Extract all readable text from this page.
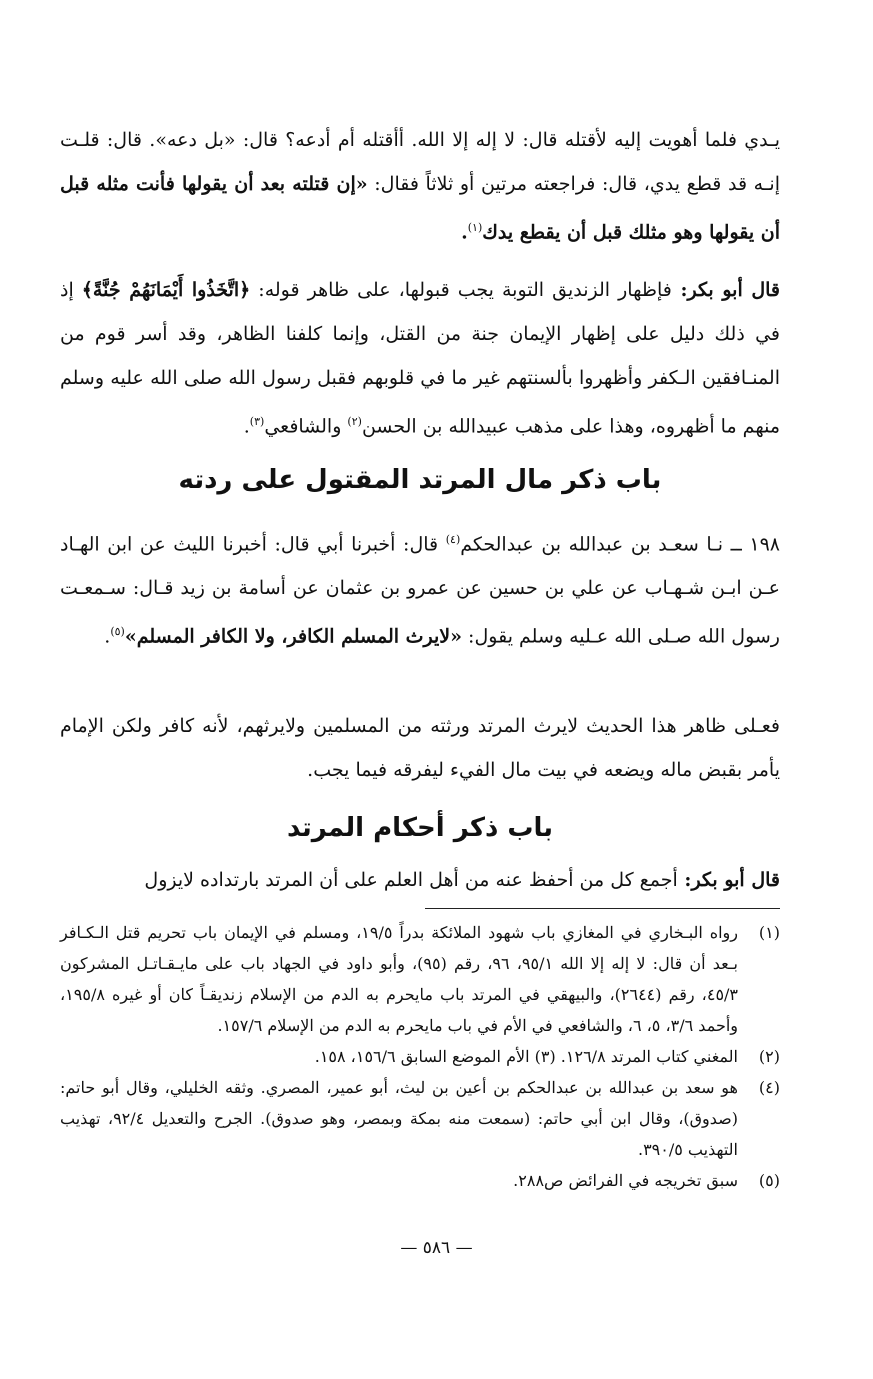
يـدي فلما أهويت إليه لأقتله قال: لا إله إلا الله. أأقتله أم أدعه؟ قال: «بل دعه». قال: قلـت إنـه قد قطع يدي، قال: فراجعته مرتين أو ثلاثاً فقال: «إن قتلته بعد أن يقولها فأنت مثله قبل أن يقولها وهو مثلك قبل أن يقطع يدك$^{(١)}$.

قال أبو بكر: فإظهار الزنديق التوبة يجب قبولها، على ظاهر قوله: ﴿اتَّخَذُوا أَيْمَانَهُمْ جُنَّةً﴾ إذ في ذلك دليل على إظهار الإيمان جنة من القتل، وإنما كلفنا الظاهر، وقد أسر قوم من المنـافقين الـكفر وأظهروا بألسنتهم غير ما في قلوبهم فقبل رسول الله صلى الله عليه وسلم منهم ما أظهروه، وهذا على مذهب عبيدالله بن الحسن$^{(٢)}$ والشافعي$^{(٣)}$.

باب ذكر مال المرتد المقتول على ردته

١٩٨ ــ نـا سعـد بن عبدالله بن عبدالحكم$^{(٤)}$ قال: أخبرنا أبي قال: أخبرنا الليث عن ابن الهـاد عـن ابـن شـهـاب عن علي بن حسين عن عمرو بن عثمان عن أسامة بن زيد قـال: سـمعـت رسول الله صـلى الله عـليه وسلم يقول: «لايرث المسلم الكافر، ولا الكافر المسلم»$^{(٥)}$.

فعـلى ظاهر هذا الحديث لايرث المرتد ورثته من المسلمين ولايرثهم، لأنه كافر ولكن الإمام يأمر بقبض ماله ويضعه في بيت مال الفيء ليفرقه فيما يجب.

باب ذكر أحكام المرتد

قال أبو بكر: أجمع كل من أحفظ عنه من أهل العلم على أن المرتد بارتداده لايزول

(١)
رواه البـخاري في المغازي باب شهود الملائكة بدراً ١٩/٥، ومسلم في الإيمان باب تحريم قتل الـكـافر بـعد أن قال: لا إله إلا الله ٩٥/١، ٩٦، رقم (٩٥)، وأبو داود في الجهاد باب على مايـقـاتـل المشركون ٤٥/٣، رقم (٢٦٤٤)، والبيهقي في المرتد باب مايحرم به الدم من الإسلام زنديقـاً كان أو غيره ١٩٥/٨، وأحمد ٣/٦، ٥، ٦، والشافعي في الأم في باب مايحرم به الدم من الإسلام ١٥٧/٦.
(٢)
المغني كتاب المرتد ١٢٦/٨. (٣) الأم الموضع السابق ١٥٦/٦، ١٥٨.
(٤)
هو سعد بن عبدالله بن عبدالحكم بن أعين بن ليث، أبو عمير، المصري. وثقه الخليلي، وقال أبو حاتم: (صدوق)، وقال ابن أبي حاتم: (سمعت منه بمكة وبمصر، وهو صدوق). الجرح والتعديل ٩٢/٤، تهذيب التهذيب ٣٩٠/٥.
(٥)
سبق تخريجه في الفرائض ص٢٨٨.
— ٥٨٦ —
